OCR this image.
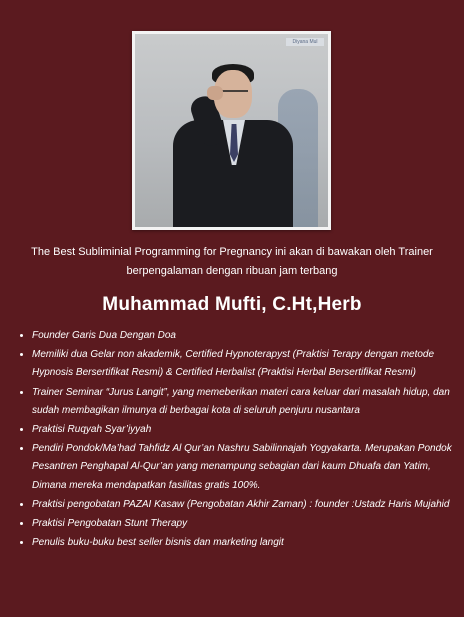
Diyana Mul
The Best Subliminial Programming for Pregnancy ini akan di bawakan oleh Trainer berpengalaman dengan ribuan jam terbang
Muhammad Mufti, C.Ht,Herb
• Founder Garis Dua Dengan Doa
• Memiliki dua Gelar non akademik, Certified Hypnoterapyst (Praktisi Terapy dengan metode Hypnosis Bersertifikat Resmi) & Certified Herbalist (Praktisi Herbal Bersertifikat Resmi)
• Trainer Seminar “Jurus Langit”, yang memeberikan materi cara keluar dari masalah hidup, dan sudah membagikan ilmunya di berbagai kota di seluruh penjuru nusantara
• Praktisi Ruqyah Syar’iyyah
• Pendiri Pondok/Ma’had Tahfidz Al Qur’an Nashru Sabilinnajah Yogyakarta. Merupakan Pondok Pesantren Penghapal Al-Qur’an yang menampung sebagian dari kaum Dhuafa dan Yatim, Dimana mereka mendapatkan fasilitas gratis 100%.
• Praktisi pengobatan PAZAI Kasaw (Pengobatan Akhir Zaman) : founder :Ustadz Haris Mujahid
• Praktisi Pengobatan Stunt Therapy
• Penulis buku-buku best seller bisnis dan marketing langit
